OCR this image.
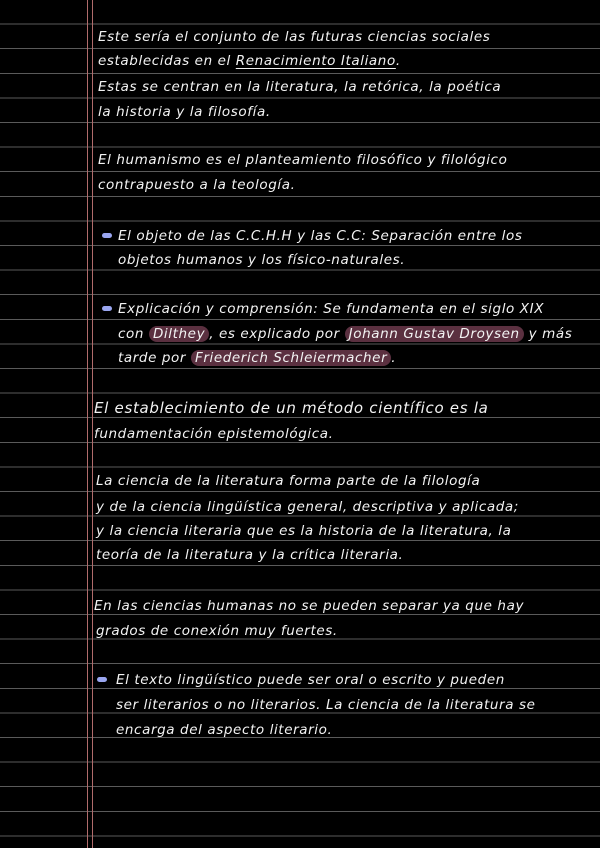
Este sería el conjunto de las futuras ciencias sociales
establecidas en el Renacimiento Italiano.
Estas se centran en la literatura, la retórica, la poética
la historia y la filosofía.
El humanismo es el planteamiento filosófico y filológico
contrapuesto a la teología.
El objeto de las C.C.H.H y las C.C: Separación entre los
objetos humanos y los físico-naturales.
Explicación y comprensión: Se fundamenta en el siglo XIX
con Dilthey , es explicado por Johann Gustav Droysen y más
tarde por Friederich Schleiermacher .
El establecimiento de un método científico es la
fundamentación epistemológica.
La ciencia de la literatura forma parte de la filología
y de la ciencia lingüística general, descriptiva y aplicada;
y la ciencia literaria que es la historia de la literatura, la
teoría de la literatura y la crítica literaria.
En las ciencias humanas no se pueden separar ya que hay
grados de conexión muy fuertes.
El texto lingüístico puede ser oral o escrito y pueden
ser literarios o no literarios. La ciencia de la literatura se
encarga del aspecto literario.
